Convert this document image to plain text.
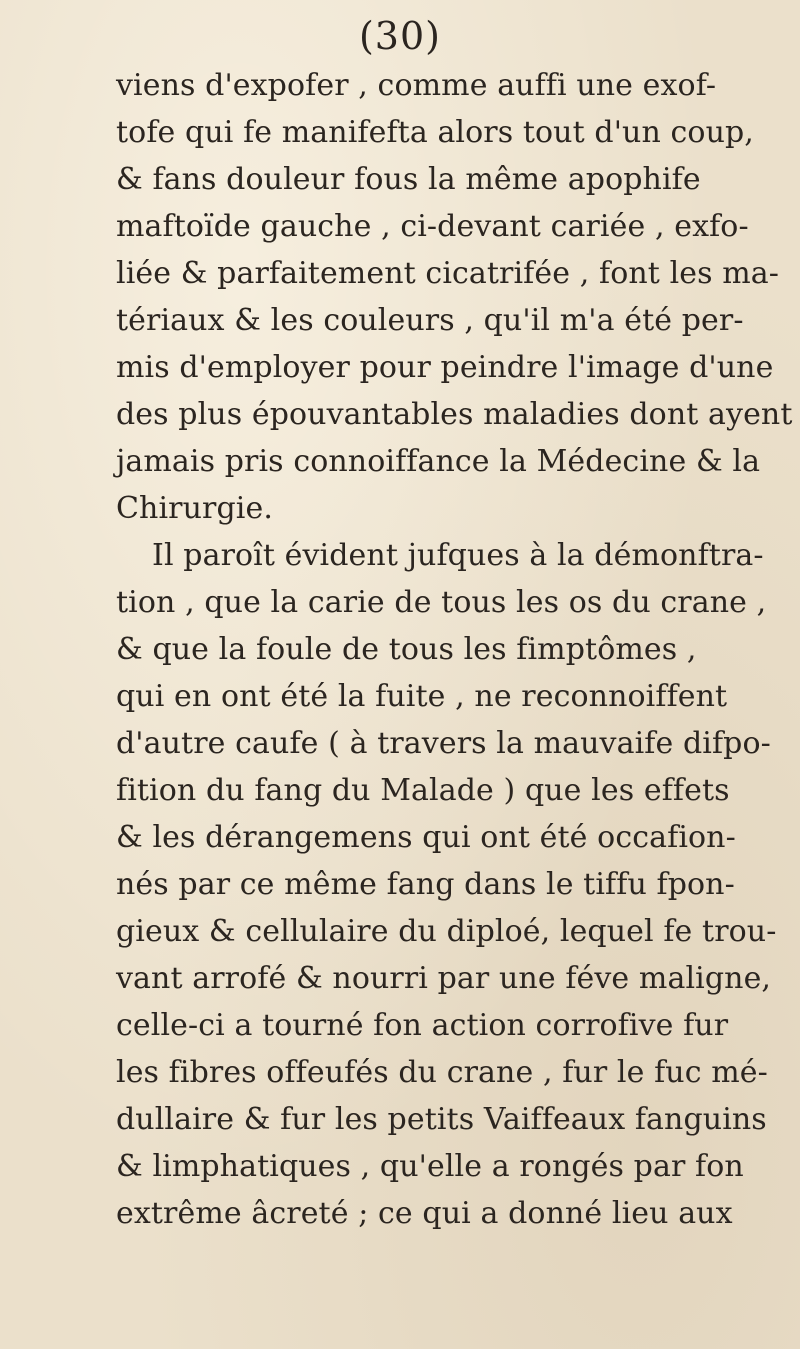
(30)
viens d'expofer , comme auffi une exof-
tofe qui fe manifefta alors tout d'un coup,
& fans douleur fous la même apophife
maftoïde gauche , ci-devant cariée , exfo-
liée & parfaitement cicatrifée , font les ma-
tériaux & les couleurs , qu'il m'a été per-
mis d'employer pour peindre l'image d'une
des plus épouvantables maladies dont ayent
jamais pris connoiffance la Médecine & la
Chirurgie.
Il paroît évident jufques à la démonftra-
tion , que la carie de tous les os du crane ,
& que la foule de tous les fimptômes ,
qui en ont été la fuite , ne reconnoiffent
d'autre caufe ( à travers la mauvaife difpo-
fition du fang du Malade ) que les effets
& les dérangemens qui ont été occafion-
nés par ce même fang dans le tiffu fpon-
gieux & cellulaire du diploé, lequel fe trou-
vant arrofé & nourri par une féve maligne,
celle-ci a tourné fon action corrofive fur
les fibres offeufés du crane , fur le fuc mé-
dullaire & fur les petits Vaiffeaux fanguins
& limphatiques , qu'elle a rongés par fon
extrême âcreté ; ce qui a donné lieu aux
